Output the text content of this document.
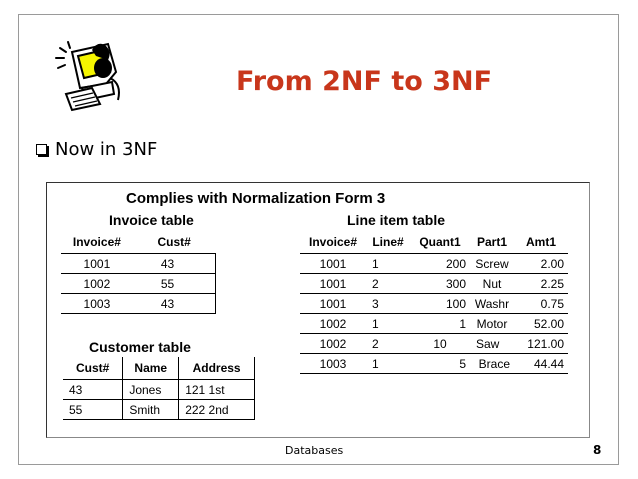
From 2NF to 3NF
Now in 3NF
Complies with Normalization Form 3
Invoice table
Invoice#	Cust#
1001	43
1002	55
1003	43
Line item table
Invoice#	Line#	Quant1	Part1	Amt1
1001	1	200	Screw	2.00
1001	2	300	Nut	2.25
1001	3	100	Washr	0.75
1002	1	1	Motor	52.00
1002	2	10	Saw	121.00
1003	1	5	Brace	44.44
Customer table
Cust#	Name	Address
43	Jones	121 1st
55	Smith	222 2nd
Databases	8
